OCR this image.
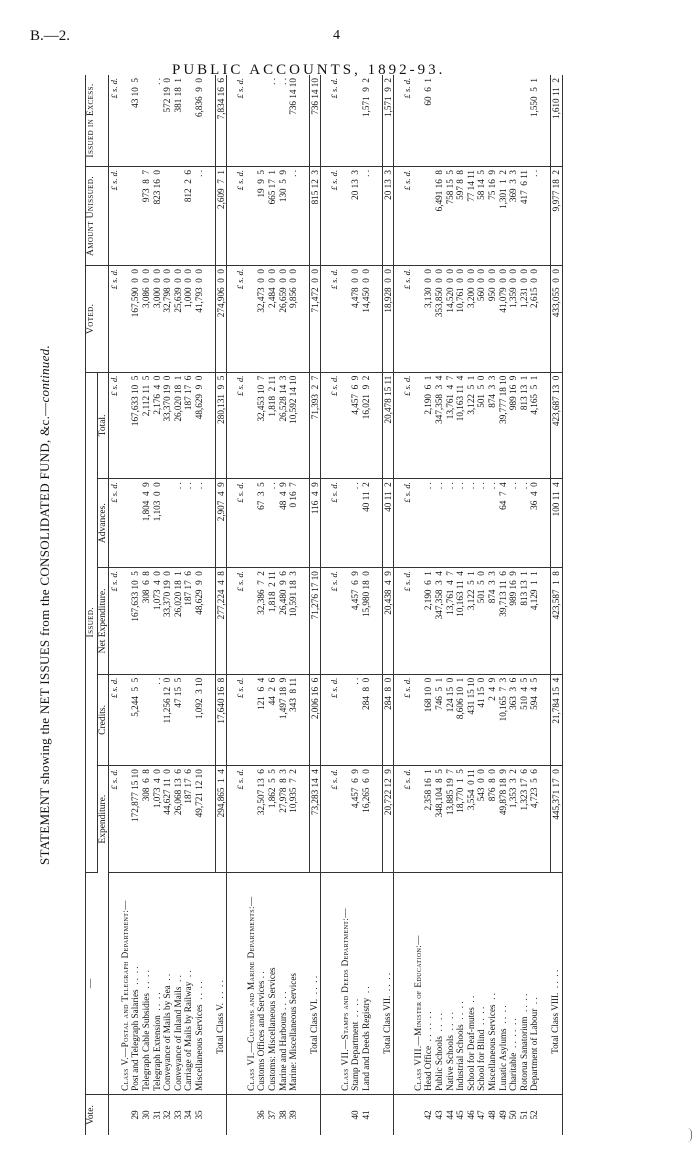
B.—2.	4
PUBLIC ACCOUNTS, 1892-93.
STATEMENT showing the NET ISSUES from the CONSOLIDATED FUND, &c.—continued.
Vote.	—	Issued.					Voted.	Amount Unissued.	Issued in Excess.
		Expenditure.	Credits.	Net Expenditure.	Advances.	Total.			
		£ s. d.	£ s. d.	£ s. d.	£ s. d.	£ s. d.	£ s. d.	£ s. d.	£ s. d.
	Class V.—Postal and Telegraph Department:—								
29	Post and Telegraph Salaries  . .  . .	172,877 15 10	5,244  5  5	167,633 10  5		167,633 10  5	167,590  0  0		43 10  5
30	Telegraph Cable Subsidies  . .  . .	308  6  8		308  6  8	1,804  4  9	2,112 11  5	3,086  0  0	973  8  7	
31	Telegraph Extension  . .  . .	1,073  4  0	. .	1,073  4  0	1,103  0  0	2,176  4  0	3,000  0  0	823 16  0	. .
32	Conveyance of Mails by Sea  . .	44,627 11  0	11,256 12  0	33,370 19  0		33,370 19  0	32,798  0  0		572 19  0
33	Conveyance of Inland Mails  . .	26,068 13  6	47 15  5	26,020 18  1	. .	26,020 18  1	25,639  0  0		381 18  1
34	Carriage of Mails by Railway  . .	187 17  6		187 17  6	. .	187 17  6	1,000  0  0	812  2  6	
35	Miscellaneous Services  . .  . .	49,721 12 10	1,092  3 10	48,629  9  0	. .	48,629  9  0	41,793  0  0	. .	6,836  9  0

	Total Class V.  . .  . .	294,865  1  4	17,640 16  8	277,224  4  8	2,907  4  9	280,131  9  5	274,906  0  0	2,609  7  1	7,834 16  6

		£ s. d.	£ s. d.	£ s. d.	£ s. d.	£ s. d.	£ s. d.	£ s. d.	£ s. d.
	Class VI.—Customs and Marine Departments:—								
36	Customs Offices and Services . .	32,507 13  6	121  6  4	32,386  7  2	67  3  5	32,453 10  7	32,473  0  0	19  9  5	
37	Customs: Miscellaneous Services	1,862  5  5	44  2  6	1,818  2 11	. .	1,818  2 11	2,484  0  0	665 17  1	. .
38	Marine and Harbours . .  . .	27,978  8  3	1,497 18  9	26,480  9  6	48  4  9	26,528 14  3	26,659  0  0	130  5  9	. .
39	Marine: Miscellaneous Services	10,935  7  2	343  8 11	10,591 18  3	0 16  7	10,592 14 10	9,856  0  0	. .	736 14 10

	Total Class VI.  . .  . .	73,283 14  4	2,006 16  6	71,276 17 10	116  4  9	71,393  2  7	71,472  0  0	815 12  3	736 14 10

		£ s. d.	£ s. d.	£ s. d.	£ s. d.	£ s. d.	£ s. d.	£ s. d.	£ s. d.
	Class VII.—Stamps and Deeds Department:—								
40	Stamp Department  . .  . .	4,457  6  9	. .	4,457  6  9	. .	4,457  6  9	4,478  0  0	20 13  3	
41	Land and Deeds Registry  . .	16,265  6  0	284  8  0	15,980 18  0	40 11  2	16,021  9  2	14,450  0  0	. .	1,571  9  2

	Total Class VII.  . .  . .	20,722 12  9	284  8  0	20,438  4  9	40 11  2	20,478 15 11	18,928  0  0	20 13  3	1,571  9  2

		£ s. d.	£ s. d.	£ s. d.	£ s. d.	£ s. d.	£ s. d.	£ s. d.	£ s. d.
	Class VIII.—Minister of Education:—								
42	Head Office  . .  . .  . .	2,358 16  1	168 10  0	2,190  6  1	. .	2,190  6  1	3,130  0  0		60  6  1
43	Public Schools  . .  . .	348,104  8  5	746  5  1	347,358  3  4	. .	347,358  3  4	353,850  0  0	6,491 16  8	
44	Native Schools  . .  . .	13,885 19  7	124 15  0	13,761  4  7	. .	13,761  4  7	14,520  0  0	758 15  5	
45	Industrial Schools  . .  . .	18,770  1  5	8,606 10  1	10,163 11  4	. .	10,163 11  4	10,761  0  0	597 8  8	
46	School for Deaf-mutes  . .	3,554  0 11	431 15 10	3,122  5  1	. .	3,122  5  1	3,200  0  0	77 14 11	
47	School for Blind  . .  . .	543  0  0	41 15  0	501  5  0	. .	501  5  0	560  0  0	58 14  5	
48	Miscellaneous Services  . .	876  8  0	2  4  9	874  3  3	. .	874  3  3	950  0  0	75 16  9	
49	Lunatic Asylums  . .  . .	49,878 18  9	10,165  7  3	39,713 11  6	64  7  4	39,777 18 10	41,079  0  0	1,301  1  2	
50	Charitable  . .  . .  . .	1,353  3  2	363  3  6	989 16  9	. .	989 16  9	1,359  0  0	369  3  3	
51	Rotorua Sanatorium  . .  . .	1,323 17  6	510  4  5	813 13  1	. .	813 13  1	1,231  0  0	417  6 11	
52	Department of Labour  . .	4,723  5  6	594  4  5	4,129  1  1	36  4  0	4,165  5  1	2,615  0  0	. .	1,550  5  1

	Total Class VIII.  . .  . .	445,371 17  0	21,784 15  4	423,587  1  8	100 11  4	423,687 13  0	433,055  0  0	9,977 18  2	1,610 11  2
